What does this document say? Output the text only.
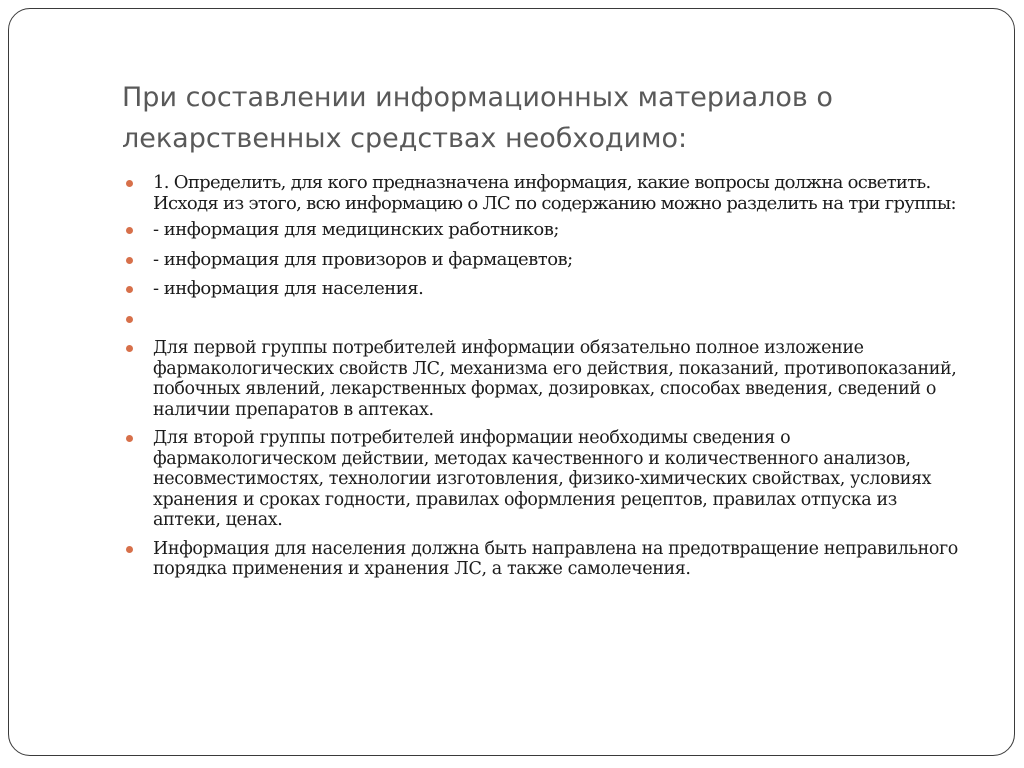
При составлении информационных материалов о лекарственных средствах необходимо:
1. Определить, для кого предназначена информация, какие вопросы должна осветить. Исходя из этого, всю информацию о ЛС по содержанию можно разделить на три группы:
- информация для медицинских работников;
- информация для провизоров и фармацевтов;
- информация для населения.
Для первой группы потребителей информации обязательно полное изложение фармакологических свойств ЛС, механизма его действия, показаний, противопоказаний, побочных явлений, лекарственных формах, дозировках, способах введения, сведений о наличии препаратов в аптеках.
Для второй группы потребителей информации необходимы сведения о фармакологическом действии, методах качественного и количественного анализов, несовместимостях, технологии изготовления, физико-химических свойствах, условиях хранения и сроках годности, правилах оформления рецептов, правилах отпуска из аптеки, ценах.
Информация для населения должна быть направлена на предотвращение неправильного порядка применения и хранения ЛС, а также самолечения.
